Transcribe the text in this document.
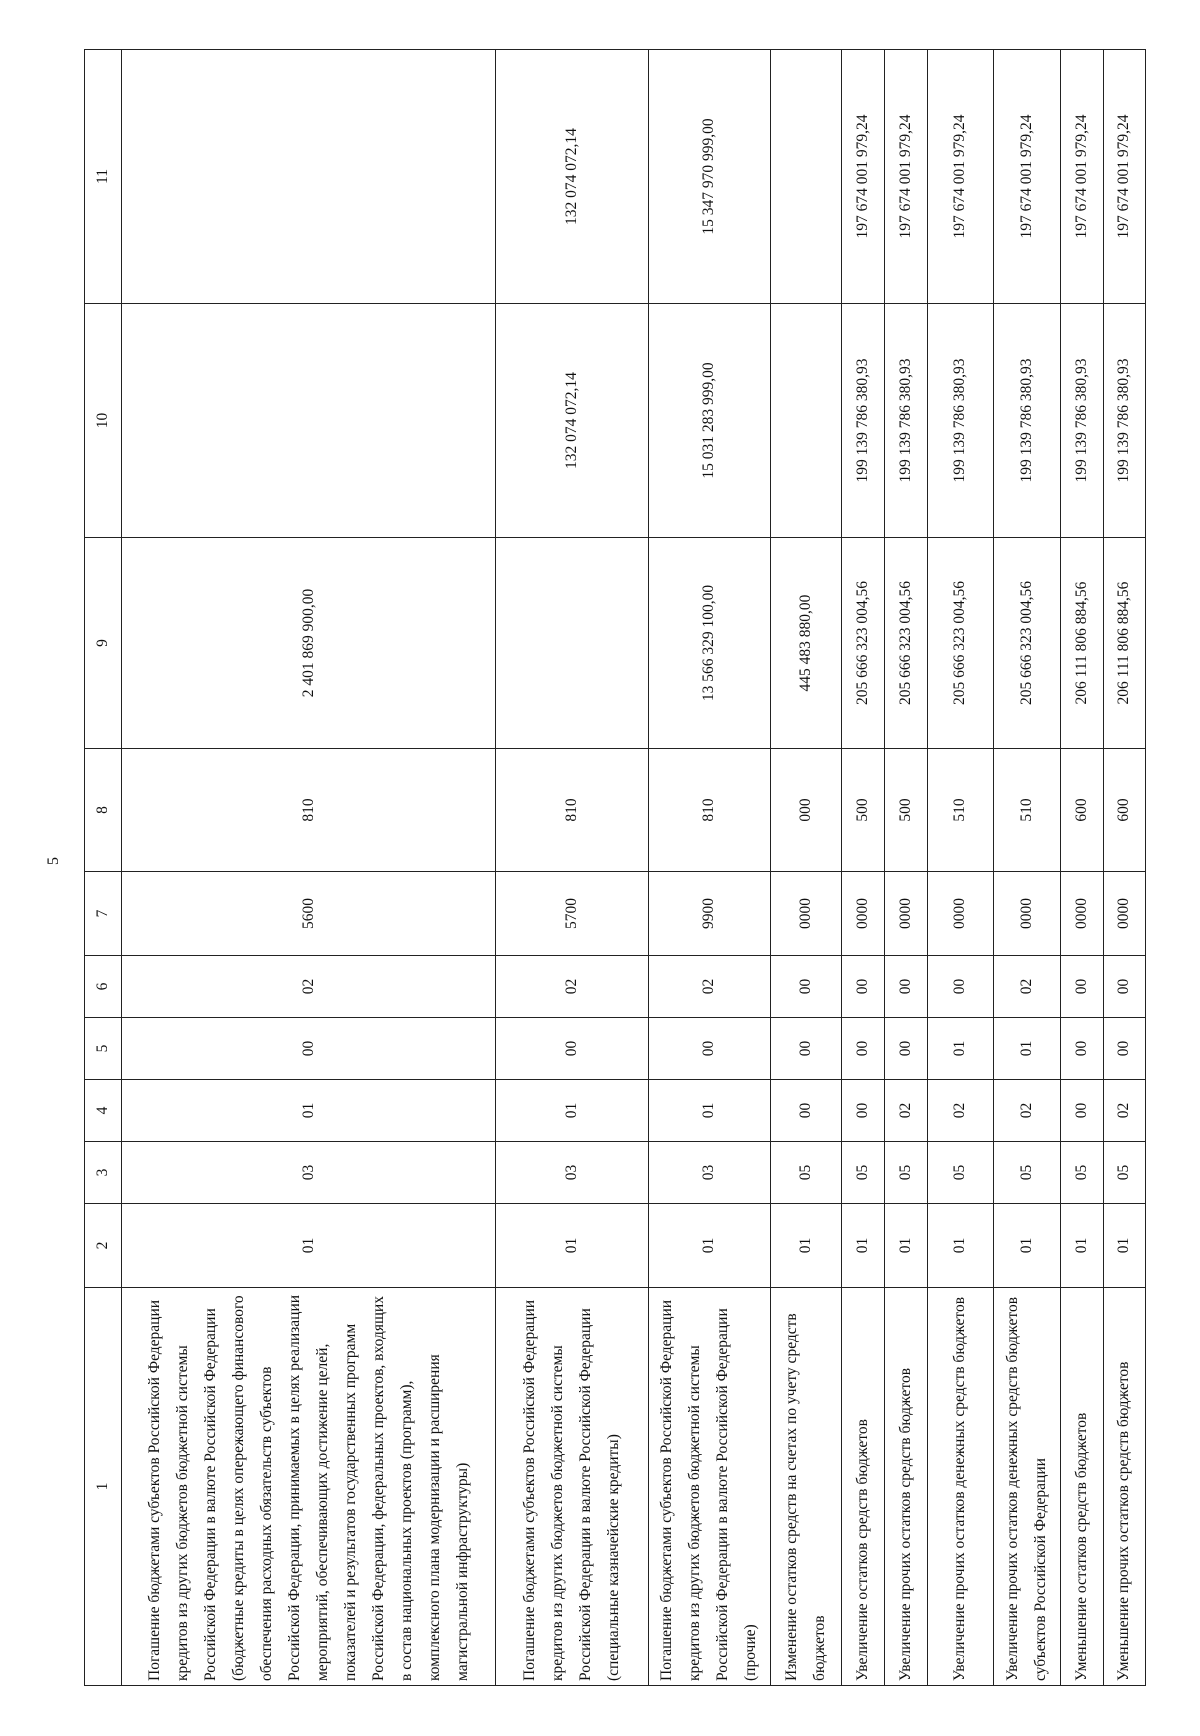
5
1	2	3	4	5	6	7	8	9	10	11
Погашение бюджетами субъектов Российской Федерации кредитов из других бюджетов бюджетной системы Российской Федерации в валюте Российской Федерации (бюджетные кредиты в целях опережающего финансового обеспечения расходных обязательств субъектов Российской Федерации, принимаемых в целях реализации мероприятий, обеспечивающих достижение целей, показателей и результатов государственных программ Российской Федерации, федеральных проектов, входящих в состав национальных проектов (программ), комплексного плана модернизации и расширения магистральной инфраструктуры)	01	03	01	00	02	5600	810	2 401 869 900,00		
Погашение бюджетами субъектов Российской Федерации кредитов из других бюджетов бюджетной системы Российской Федерации в валюте Российской Федерации (специальные казначейские кредиты)	01	03	01	00	02	5700	810		132 074 072,14	132 074 072,14
Погашение бюджетами субъектов Российской Федерации кредитов из других бюджетов бюджетной системы Российской Федерации в валюте Российской Федерации (прочие)	01	03	01	00	02	9900	810	13 566 329 100,00	15 031 283 999,00	15 347 970 999,00
Изменение остатков средств на счетах по учету средств бюджетов	01	05	00	00	00	0000	000	445 483 880,00		
Увеличение остатков средств бюджетов	01	05	00	00	00	0000	500	205 666 323 004,56	199 139 786 380,93	197 674 001 979,24
Увеличение прочих остатков средств бюджетов	01	05	02	00	00	0000	500	205 666 323 004,56	199 139 786 380,93	197 674 001 979,24
Увеличение прочих остатков денежных средств бюджетов	01	05	02	01	00	0000	510	205 666 323 004,56	199 139 786 380,93	197 674 001 979,24
Увеличение прочих остатков денежных средств бюджетов субъектов Российской Федерации	01	05	02	01	02	0000	510	205 666 323 004,56	199 139 786 380,93	197 674 001 979,24
Уменьшение остатков средств бюджетов	01	05	00	00	00	0000	600	206 111 806 884,56	199 139 786 380,93	197 674 001 979,24
Уменьшение прочих остатков средств бюджетов	01	05	02	00	00	0000	600	206 111 806 884,56	199 139 786 380,93	197 674 001 979,24
